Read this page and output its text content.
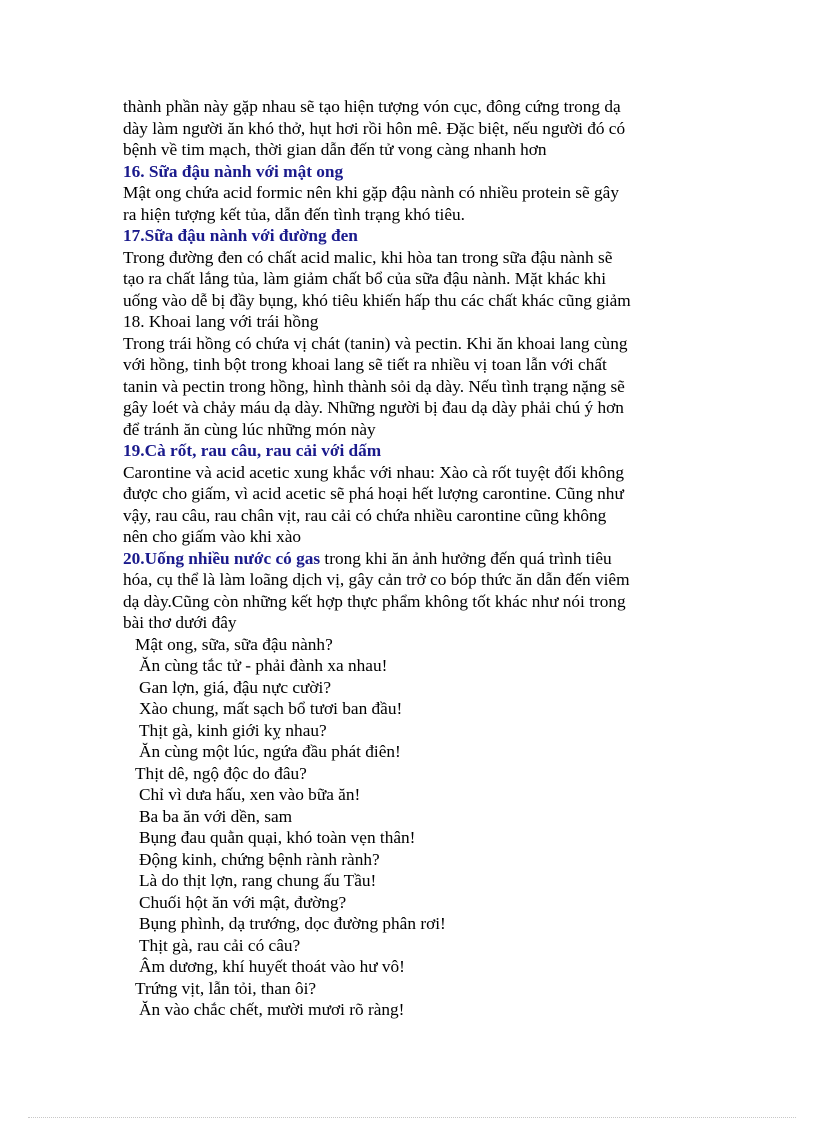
thành phần này gặp nhau sẽ tạo hiện tượng vón cục, đông cứng trong dạ

dày làm người ăn khó thở, hụt hơi rồi hôn mê. Đặc biệt, nếu người đó có

bệnh về tim mạch, thời gian dẫn đến tử vong càng nhanh hơn

16. Sữa đậu nành với mật ong

Mật ong chứa acid formic nên khi gặp đậu nành có nhiều protein sẽ gây

ra hiện tượng kết tủa, dẫn đến tình trạng khó tiêu.

17.Sữa đậu nành với đường đen

Trong đường đen có chất acid malic, khi hòa tan trong sữa đậu nành sẽ

tạo ra chất lắng tủa, làm giảm chất bổ của sữa đậu nành. Mặt khác khi

uống vào dễ bị đầy bụng, khó tiêu khiến hấp thu các chất khác cũng giảm

18. Khoai lang với trái hồng

Trong trái hồng có chứa vị chát (tanin) và pectin. Khi ăn khoai lang cùng

với hồng, tinh bột trong khoai lang sẽ tiết ra nhiều vị toan lẫn với chất

tanin và pectin trong hồng, hình thành sỏi dạ dày. Nếu tình trạng nặng sẽ

gây loét và chảy máu dạ dày. Những người bị đau dạ dày phải chú ý hơn

để tránh ăn cùng lúc những món này

19.Cà rốt, rau câu, rau cải với dấm

Carontine và acid acetic xung khắc với nhau: Xào cà rốt tuyệt đối không

được cho giấm, vì acid acetic sẽ phá hoại hết lượng carontine. Cũng như

vậy, rau câu, rau chân vịt, rau cải có chứa nhiều carontine cũng không

nên cho giấm vào khi xào

20.Uống nhiều nước có gas trong khi ăn ảnh hưởng đến quá trình tiêu

hóa, cụ thể là làm loãng dịch vị, gây cản trở co bóp thức ăn dẫn đến viêm

dạ dày.Cũng còn những kết hợp thực phẩm không tốt khác như nói trong

bài thơ dưới đây

Mật ong, sữa, sữa đậu nành?

Ăn cùng tắc tử - phải đành xa nhau!

Gan lợn, giá, đậu nực cười?

Xào chung, mất sạch bổ tươi ban đầu!

Thịt gà, kinh giới kỵ nhau?

Ăn cùng một lúc, ngứa đầu phát điên!

Thịt dê, ngộ độc do đâu?

Chỉ vì dưa hấu, xen vào bữa ăn!

Ba ba ăn với dền, sam

Bụng đau quằn quại, khó toàn vẹn thân!

Động kinh, chứng bệnh rành rành?

Là do thịt lợn, rang chung ấu Tầu!

Chuối hột ăn với mật, đường?

Bụng phình, dạ trướng, dọc đường phân rơi!

Thịt gà, rau cải có câu?

Âm dương, khí huyết thoát vào hư vô!

Trứng vịt, lẫn tỏi, than ôi?

Ăn vào chắc chết, mười mươi rõ ràng!
